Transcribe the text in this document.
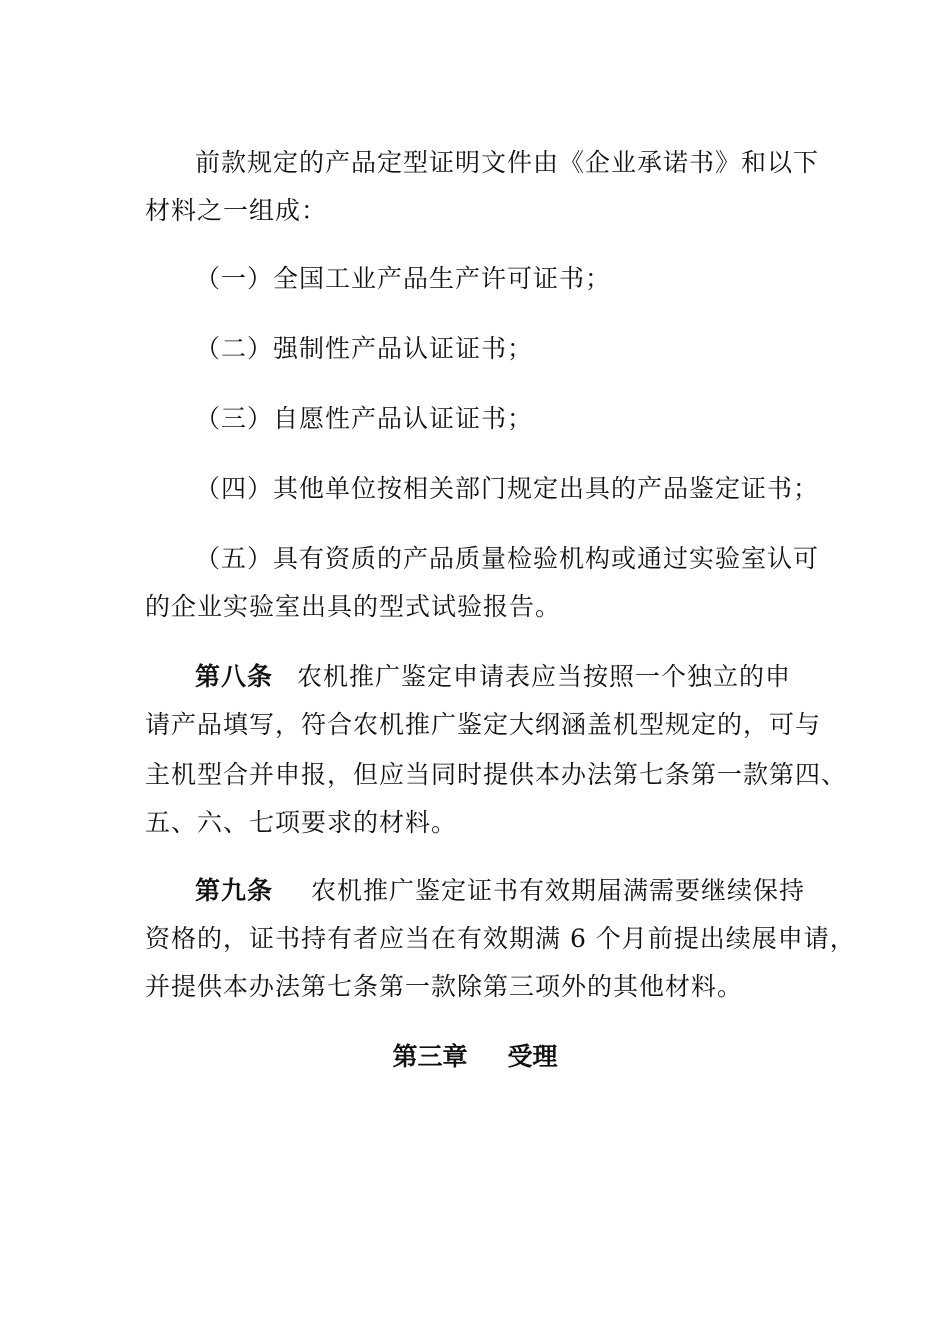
前款规定的产品定型证明文件由《企业承诺书》和以下
材料之一组成：
（一）全国工业产品生产许可证书；
（二）强制性产品认证证书；
（三）自愿性产品认证证书；
（四）其他单位按相关部门规定出具的产品鉴定证书；
（五）具有资质的产品质量检验机构或通过实验室认可
的企业实验室出具的型式试验报告。
第八条 农机推广鉴定申请表应当按照一个独立的申
请产品填写，符合农机推广鉴定大纲涵盖机型规定的，可与
主机型合并申报，但应当同时提供本办法第七条第一款第四、
五、六、七项要求的材料。
第九条 农机推广鉴定证书有效期届满需要继续保持
资格的，证书持有者应当在有效期满 6 个月前提出续展申请，
并提供本办法第七条第一款除第三项外的其他材料。
第三章 受理
